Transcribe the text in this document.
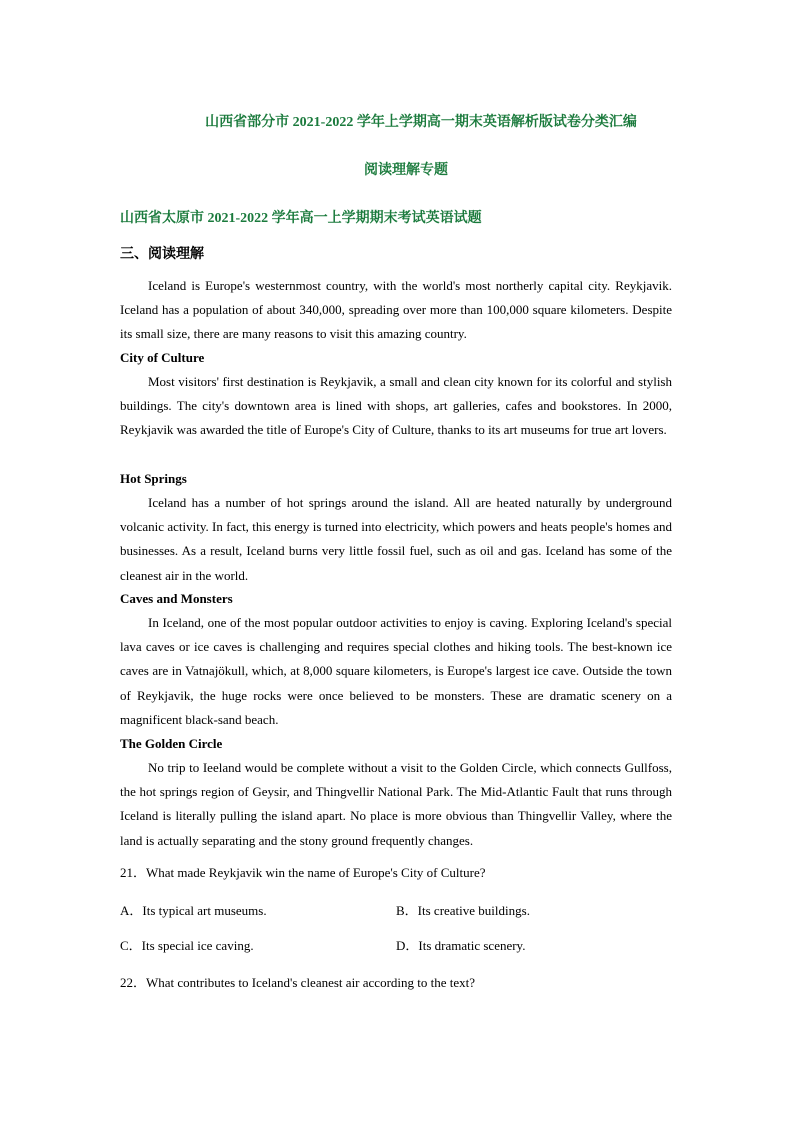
山西省部分市 2021-2022 学年上学期高一期末英语解析版试卷分类汇编
阅读理解专题
山西省太原市 2021-2022 学年高一上学期期末考试英语试题
三、阅读理解

Iceland is Europe's westernmost country, with the world's most northerly capital city. Reykjavik. Iceland has a population of about 340,000, spreading over more than 100,000 square kilometers. Despite its small size, there are many reasons to visit this amazing country.

City of Culture

Most visitors' first destination is Reykjavik, a small and clean city known for its colorful and stylish buildings. The city's downtown area is lined with shops, art galleries, cafes and bookstores. In 2000, Reykjavik was awarded the title of Europe's City of Culture, thanks to its art museums for true art lovers.

Hot Springs

Iceland has a number of hot springs around the island. All are heated naturally by underground volcanic activity. In fact, this energy is turned into electricity, which powers and heats people's homes and businesses. As a result, Iceland burns very little fossil fuel, such as oil and gas. Iceland has some of the cleanest air in the world.

Caves and Monsters

In Iceland, one of the most popular outdoor activities to enjoy is caving. Exploring Iceland's special lava caves or ice caves is challenging and requires special clothes and hiking tools. The best-known ice caves are in Vatnajökull, which, at 8,000 square kilometers, is Europe's largest ice cave. Outside the town of Reykjavik, the huge rocks were once believed to be monsters. These are dramatic scenery on a magnificent black-sand beach.

The Golden Circle

No trip to Ieeland would be complete without a visit to the Golden Circle, which connects Gullfoss, the hot springs region of Geysir, and Thingvellir National Park. The Mid-Atlantic Fault that runs through Iceland is literally pulling the island apart. No place is more obvious than Thingvellir Valley, where the land is actually separating and the stony ground frequently changes.

21．What made Reykjavik win the name of Europe's City of Culture?
A．Its typical art museums.	B．Its creative buildings.
C．Its special ice caving.	D．Its dramatic scenery.
22．What contributes to Iceland's cleanest air according to the text?
